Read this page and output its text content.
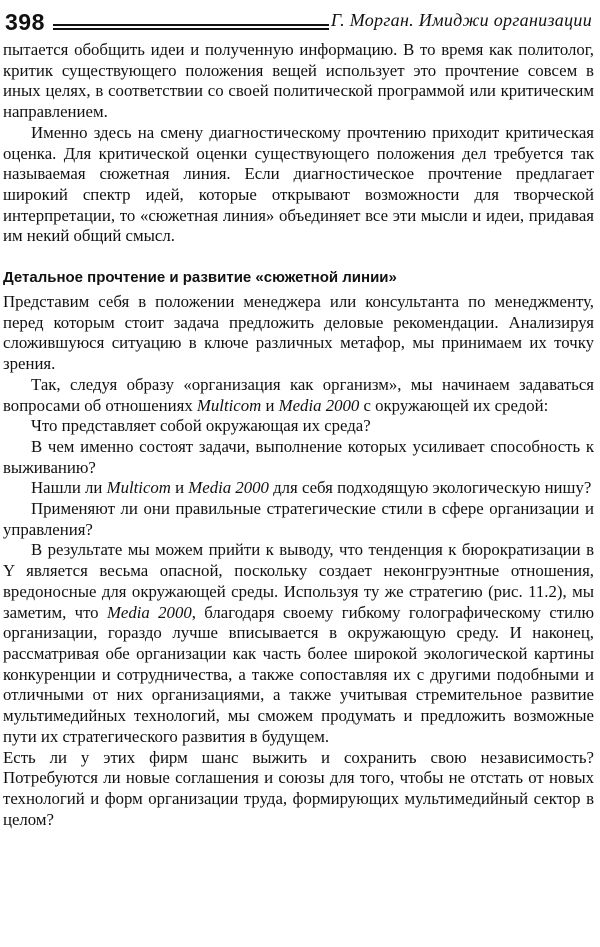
398	Г. Морган. Имиджи организации

пытается обобщить идеи и полученную информацию. В то время как политолог, критик существующего положения вещей использует это прочтение совсем в иных целях, в соответствии со своей политической программой или критическим направлением.

Именно здесь на смену диагностическому прочтению приходит критическая оценка. Для критической оценки существующего положения дел требуется так называемая сюжетная линия. Если диагностическое прочтение предлагает широкий спектр идей, которые открывают возможности для творческой интерпретации, то «сюжетная линия» объединяет все эти мысли и идеи, придавая им некий общий смысл.

Детальное прочтение и развитие «сюжетной линии»

Представим себя в положении менеджера или консультанта по менеджменту, перед которым стоит задача предложить деловые рекомендации. Анализируя сложившуюся ситуацию в ключе различных метафор, мы принимаем их точку зрения.

Так, следуя образу «организация как организм», мы начинаем задаваться вопросами об отношениях Multicom и Media 2000 с окружающей их средой:

Что представляет собой окружающая их среда?

В чем именно состоят задачи, выполнение которых усиливает способность к выживанию?

Нашли ли Multicom и Media 2000 для себя подходящую экологическую нишу?

Применяют ли они правильные стратегические стили в сфере организации и управления?

В результате мы можем прийти к выводу, что тенденция к бюрократизации в Y является весьма опасной, поскольку создает неконгруэнтные отношения, вредоносные для окружающей среды. Используя ту же стратегию (рис. 11.2), мы заметим, что Media 2000, благодаря своему гибкому голографическому стилю организации, гораздо лучше вписывается в окружающую среду. И наконец, рассматривая обе организации как часть более широкой экологической картины конкуренции и сотрудничества, а также сопоставляя их с другими подобными и отличными от них организациями, а также учитывая стремительное развитие мультимедийных технологий, мы сможем продумать и предложить возможные пути их стратегического развития в будущем.

Есть ли у этих фирм шанс выжить и сохранить свою независимость? Потребуются ли новые соглашения и союзы для того, чтобы не отстать от новых технологий и форм организации труда, формирующих мультимедийный сектор в целом?
